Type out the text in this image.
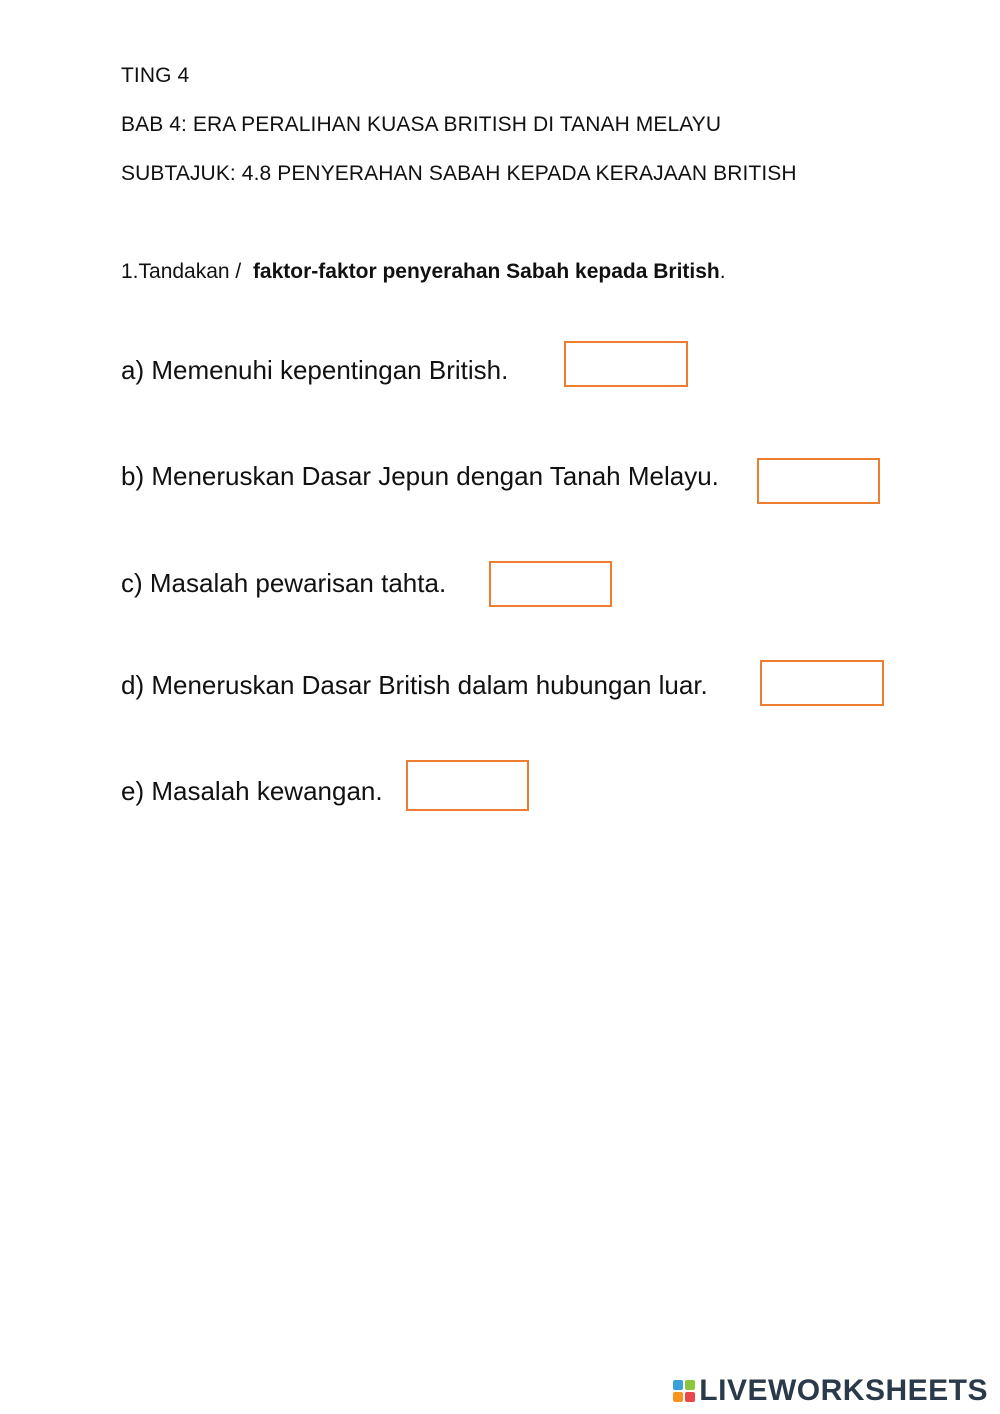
TING 4
BAB 4: ERA PERALIHAN KUASA BRITISH DI TANAH MELAYU
SUBTAJUK: 4.8 PENYERAHAN SABAH KEPADA KERAJAAN BRITISH
1.Tandakan / faktor-faktor penyerahan Sabah kepada British.
a) Memenuhi kepentingan British.
b) Meneruskan Dasar Jepun dengan Tanah Melayu.
c) Masalah pewarisan tahta.
d) Meneruskan Dasar British dalam hubungan luar.
e) Masalah kewangan.
LIVEWORKSHEETS
